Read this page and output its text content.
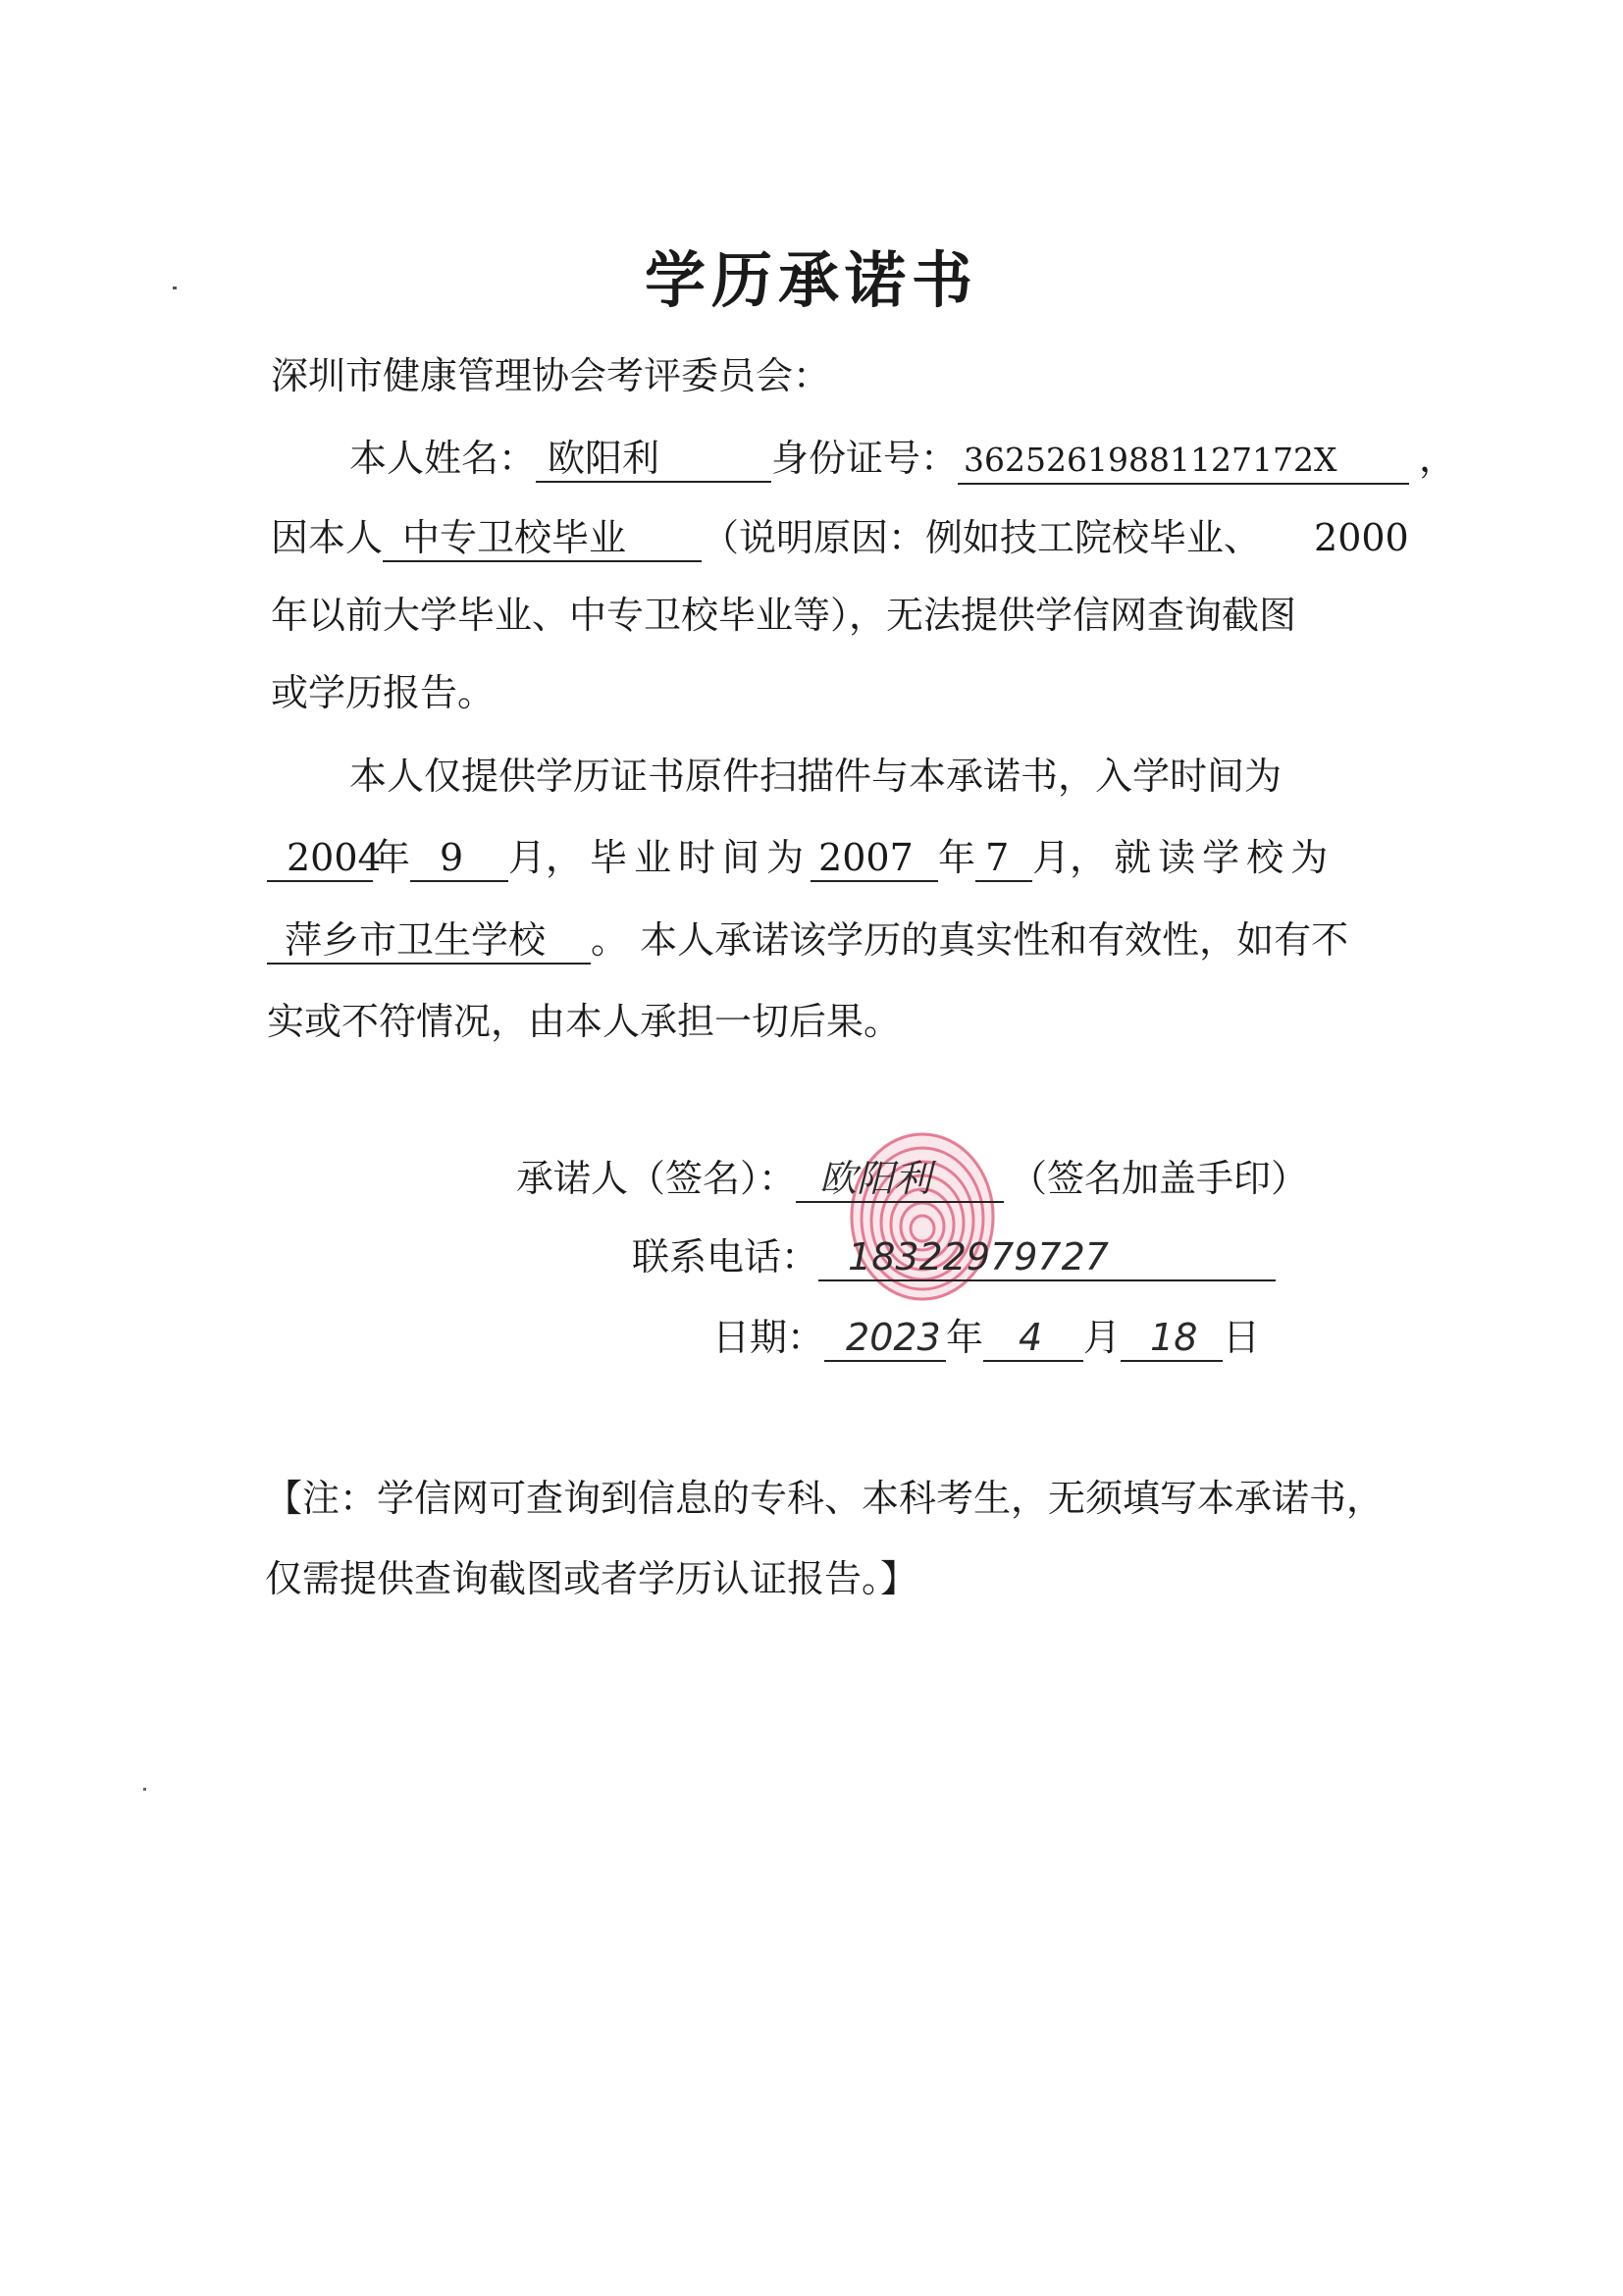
学历承诺书
深圳市健康管理协会考评委员会：
本人姓名： 欧阳利	身份证号： 36252619881127172X ，
因本人 中专卫校毕业 （说明原因：例如技工院校毕业、 2000
年以前大学毕业、中专卫校毕业等），无法提供学信网查询截图
或学历报告。
本人仅提供学历证书原件扫描件与本承诺书，入学时间为
2004年 9 月，毕业时间为 2007 年 7 月，就读学校为
萍乡市卫生学校 。 本人承诺该学历的真实性和有效性，如有不
实或不符情况，由本人承担一切后果。
承诺人（签名）： 欧阳利 （签名加盖手印）
联系电话： 18322979727
日期： 2023 年 4 月 18 日
【注：学信网可查询到信息的专科、本科考生，无须填写本承诺书，
仅需提供查询截图或者学历认证报告。】
